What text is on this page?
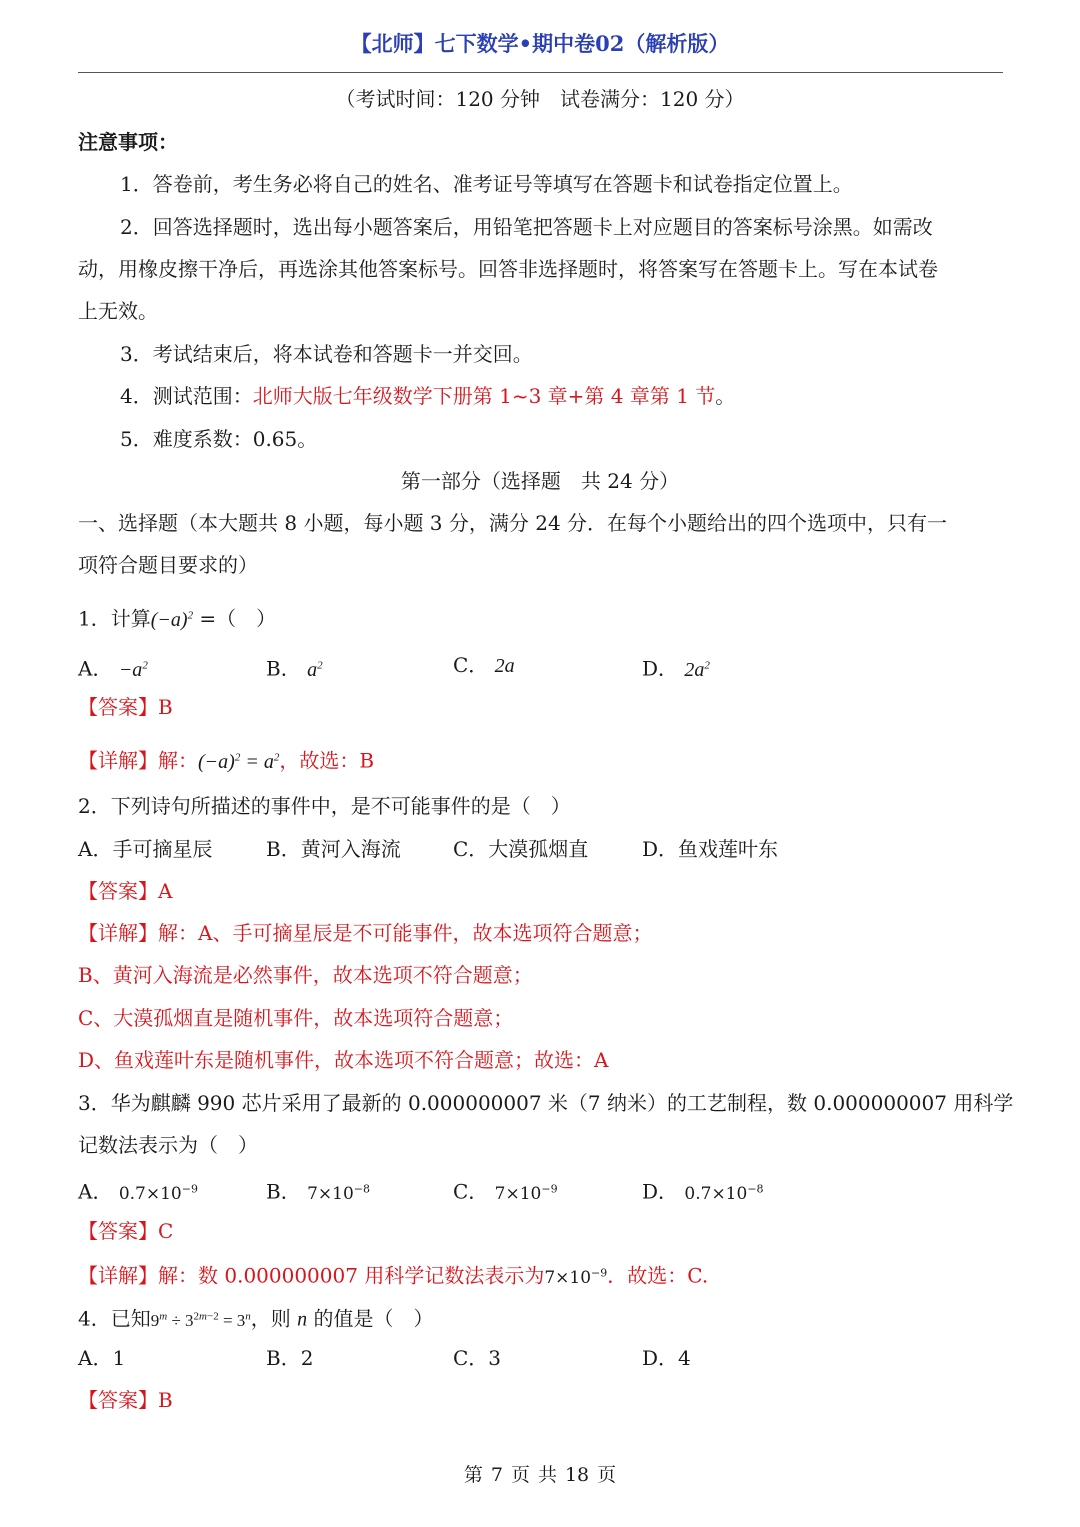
【北师】七下数学•期中卷02（解析版）
（考试时间：120 分钟　试卷满分：120 分）
注意事项：
1．答卷前，考生务必将自己的姓名、准考证号等填写在答题卡和试卷指定位置上。
2．回答选择题时，选出每小题答案后，用铅笔把答题卡上对应题目的答案标号涂黑。如需改
动，用橡皮擦干净后，再选涂其他答案标号。回答非选择题时，将答案写在答题卡上。写在本试卷
上无效。
3．考试结束后，将本试卷和答题卡一并交回。
4．测试范围：北师大版七年级数学下册第 1~3 章+第 4 章第 1 节。
5．难度系数：0.65。
第一部分（选择题　共 24 分）
一、选择题（本大题共 8 小题，每小题 3 分，满分 24 分．在每个小题给出的四个选项中，只有一
项符合题目要求的）
1．计算$(-a)^2$ =（　）
A． $-a^2$	B． $a^2$	C． 2a	D． $2a^2$
【答案】B
【详解】解：$(-a)^2 = a^2$，故选：B
2．下列诗句所描述的事件中，是不可能事件的是（　）
A．手可摘星辰	B．黄河入海流	C．大漠孤烟直	D．鱼戏莲叶东
【答案】A
【详解】解：A、手可摘星辰是不可能事件，故本选项符合题意；
B、黄河入海流是必然事件，故本选项不符合题意；
C、大漠孤烟直是随机事件，故本选项符合题意；
D、鱼戏莲叶东是随机事件，故本选项不符合题意；故选：A
3．华为麒麟 990 芯片采用了最新的 0.000000007 米（7 纳米）的工艺制程，数 0.000000007 用科学
记数法表示为（　）
A． $0.7\times 10^{-9}$	B． $7\times 10^{-8}$	C． $7\times 10^{-9}$	D． $0.7\times 10^{-8}$
【答案】C
【详解】解：数 0.000000007 用科学记数法表示为$7\times 10^{-9}$．故选：C.
4．已知$9^m \div 3^{2m-2} = 3^n$，则 n 的值是（　）
A．1	B．2	C．3	D．4
【答案】B
第 7 页 共 18 页
